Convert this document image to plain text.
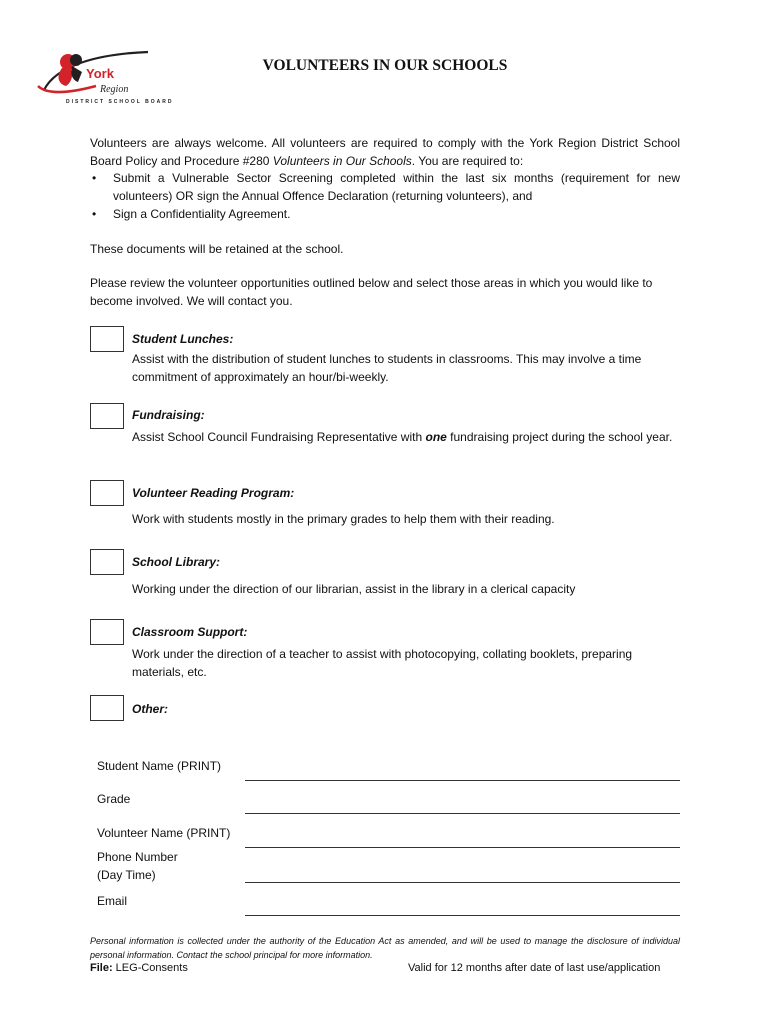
York
Region
DISTRICT SCHOOL BOARD
VOLUNTEERS IN OUR SCHOOLS
Volunteers are always welcome. All volunteers are required to comply with the York Region District School Board Policy and Procedure #280 Volunteers in Our Schools. You are required to:
• Submit a Vulnerable Sector Screening completed within the last six months (requirement for new volunteers) OR sign the Annual Offence Declaration (returning volunteers), and
• Sign a Confidentiality Agreement.
These documents will be retained at the school.
Please review the volunteer opportunities outlined below and select those areas in which you would like to become involved. We will contact you.
Student Lunches:
Assist with the distribution of student lunches to students in classrooms. This may involve a time commitment of approximately an hour/bi-weekly.
Fundraising:
Assist School Council Fundraising Representative with one fundraising project during the school year.
Volunteer Reading Program:
Work with students mostly in the primary grades to help them with their reading.
School Library:
Working under the direction of our librarian, assist in the library in a clerical capacity
Classroom Support:
Work under the direction of a teacher to assist with photocopying, collating booklets, preparing materials, etc.
Other:
Student Name (PRINT)
Grade
Volunteer Name (PRINT)
Phone Number
(Day Time)
Email
Personal information is collected under the authority of the Education Act as amended, and will be used to manage the disclosure of individual personal information. Contact the school principal for more information.
File: LEG-Consents	Valid for 12 months after date of last use/application
